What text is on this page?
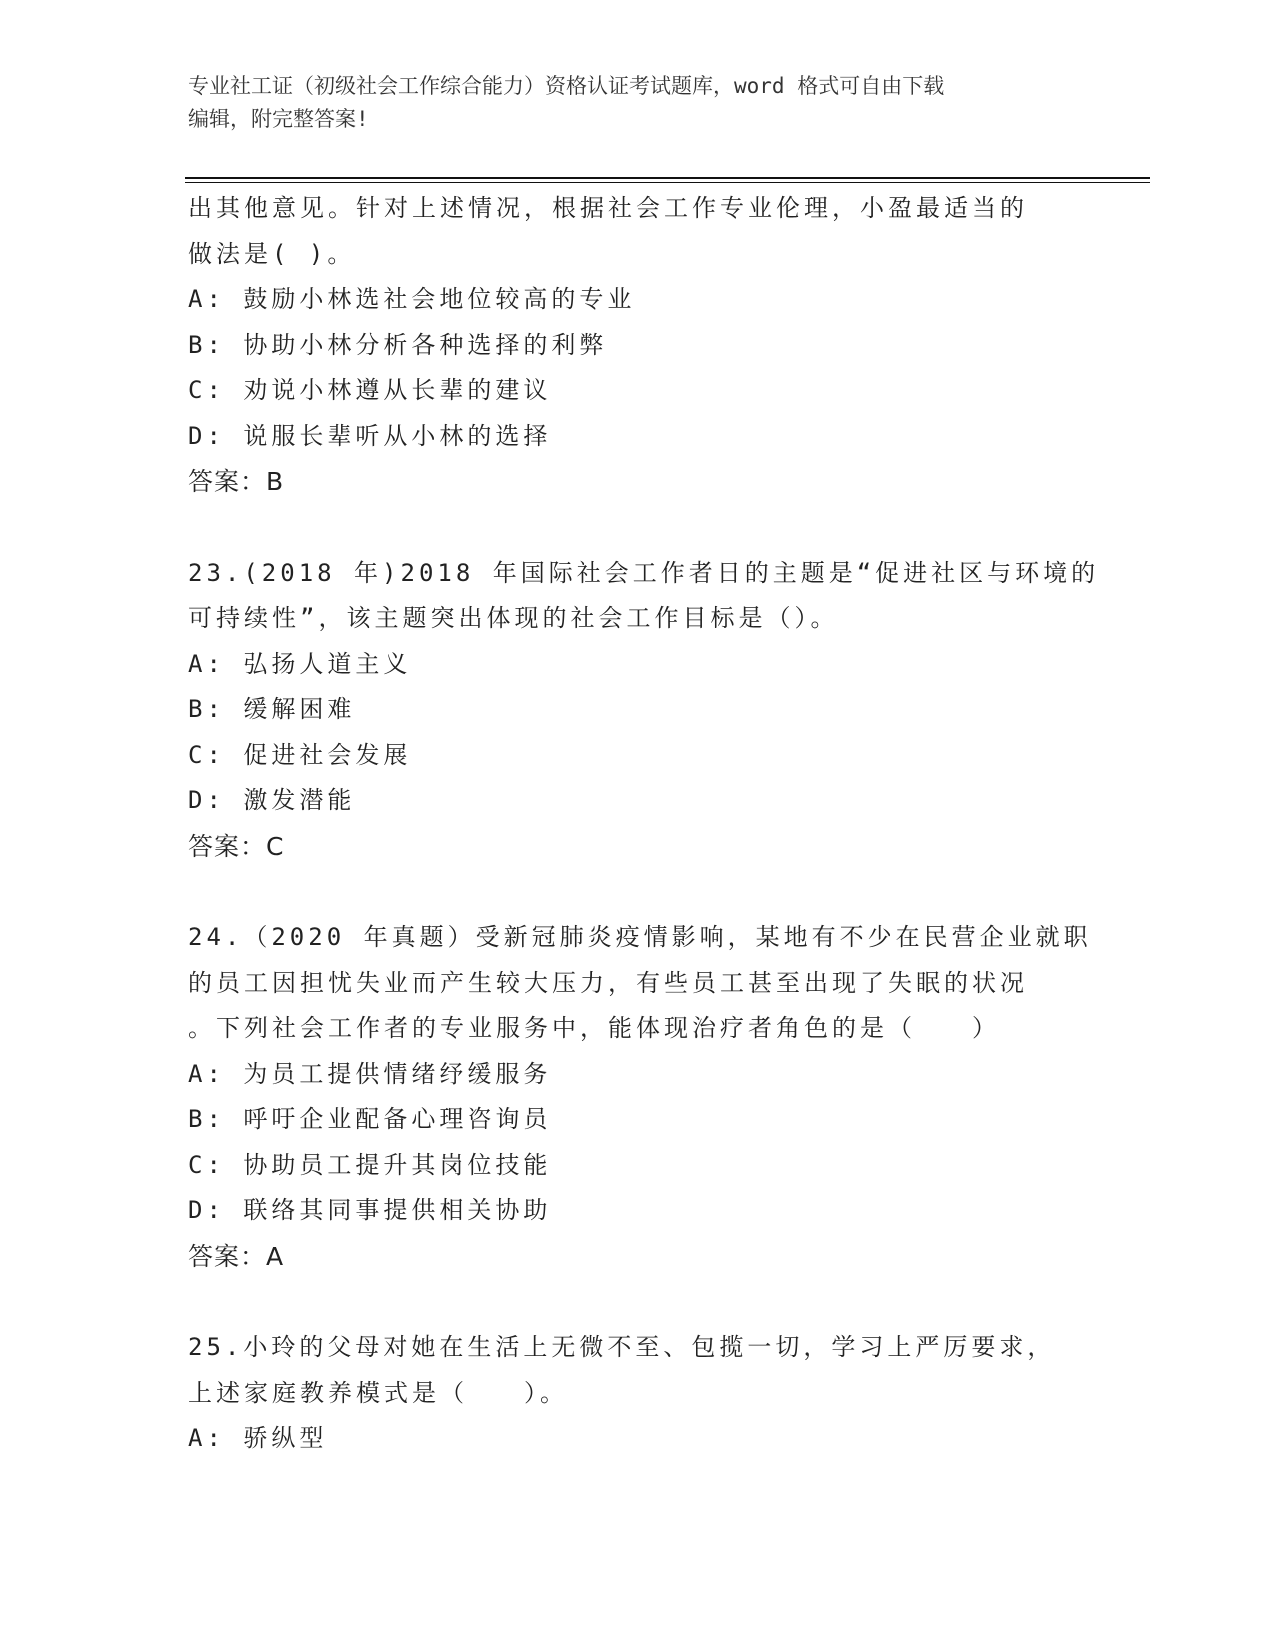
专业社工证（初级社会工作综合能力）资格认证考试题库，word 格式可自由下载
编辑，附完整答案!
出其他意见。针对上述情况，根据社会工作专业伦理，小盈最适当的
做法是( )。
A: 鼓励小林选社会地位较高的专业
B: 协助小林分析各种选择的利弊
C: 劝说小林遵从长辈的建议
D: 说服长辈听从小林的选择
答案：B
23.(2018 年)2018 年国际社会工作者日的主题是“促进社区与环境的
可持续性”，该主题突出体现的社会工作目标是（）。
A: 弘扬人道主义
B: 缓解困难
C: 促进社会发展
D: 激发潜能
答案：C
24.（2020 年真题）受新冠肺炎疫情影响，某地有不少在民营企业就职
的员工因担忧失业而产生较大压力，有些员工甚至出现了失眠的状况
。下列社会工作者的专业服务中，能体现治疗者角色的是（　　）
A: 为员工提供情绪纾缓服务
B: 呼吁企业配备心理咨询员
C: 协助员工提升其岗位技能
D: 联络其同事提供相关协助
答案：A
25.小玲的父母对她在生活上无微不至、包揽一切，学习上严厉要求，
上述家庭教养模式是（　　）。
A: 骄纵型
